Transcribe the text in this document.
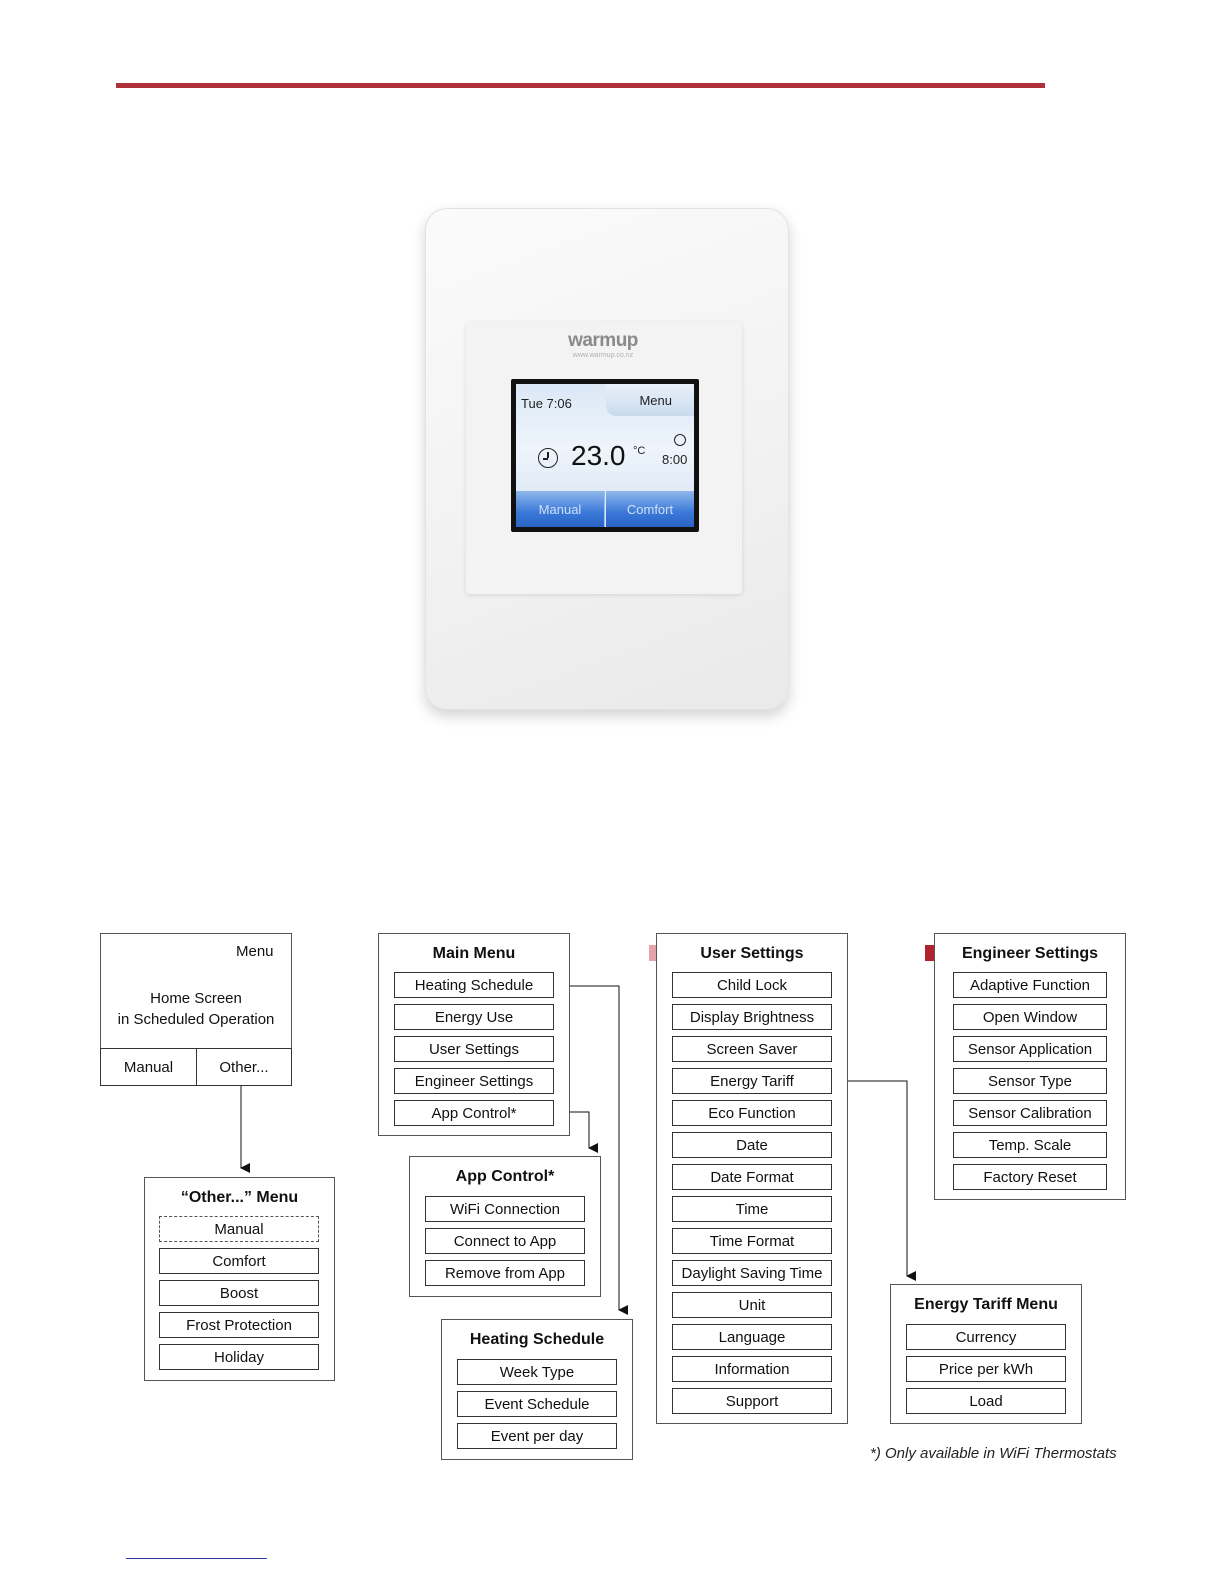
warmup
www.warmup.co.nz
Tue 7:06	Menu
23.0 °C
8:00
Manual	Comfort
Menu
Home Screen
in Scheduled Operation
Manual	Other...
“Other...” Menu
Manual
Comfort
Boost
Frost Protection
Holiday
Main Menu
Heating Schedule
Energy Use
User Settings
Engineer Settings
App Control*
App Control*
WiFi Connection
Connect to App
Remove from App
Heating Schedule
Week Type
Event Schedule
Event per day
User Settings
Child Lock
Display Brightness
Screen Saver
Energy Tariff
Eco Function
Date
Date Format
Time
Time Format
Daylight Saving Time
Unit
Language
Information
Support
Engineer Settings
Adaptive Function
Open Window
Sensor Application
Sensor Type
Sensor Calibration
Temp. Scale
Factory Reset
Energy Tariff Menu
Currency
Price per kWh
Load
*) Only available in WiFi Thermostats
